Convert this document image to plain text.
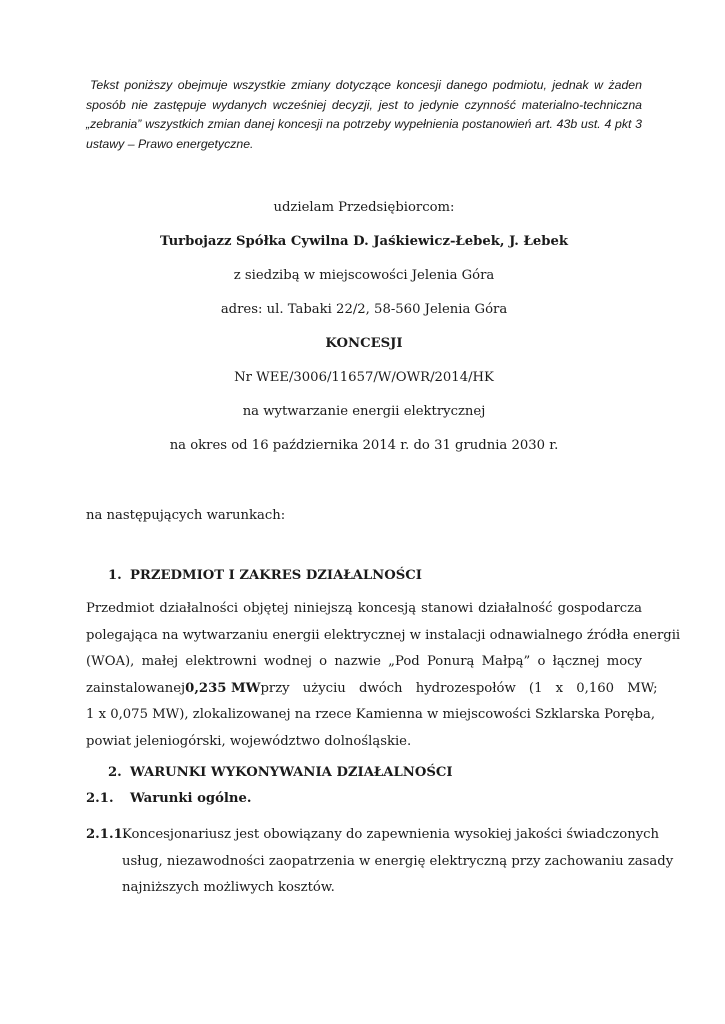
Tekst poniższy obejmuje wszystkie zmiany dotyczące koncesji danego podmiotu, jednak w żaden sposób nie zastępuje wydanych wcześniej decyzji, jest to jedynie czynność materialno-techniczna „zebrania” wszystkich zmian danej koncesji na potrzeby wypełnienia postanowień art. 43b ust. 4 pkt 3 ustawy – Prawo energetyczne.

udzielam Przedsiębiorcom:

Turbojazz Spółka Cywilna D. Jaśkiewicz-Łebek, J. Łebek

z siedzibą w miejscowości Jelenia Góra

adres: ul. Tabaki 22/2, 58-560 Jelenia Góra

KONCESJI

Nr WEE/3006/11657/W/OWR/2014/HK

na wytwarzanie energii elektrycznej

na okres od 16 października 2014 r. do 31 grudnia 2030 r.

na następujących warunkach:

1. PRZEDMIOT I ZAKRES DZIAŁALNOŚCI

Przedmiot działalności objętej niniejszą koncesją stanowi działalność gospodarcza
polegająca na wytwarzaniu energii elektrycznej w instalacji odnawialnego źródła energii
(WOA), małej elektrowni wodnej o nazwie „Pod Ponurą Małpą” o łącznej mocy
zainstalowanej 0,235 MW przy użyciu dwóch hydrozespołów (1 x 0,160 MW;
1 x 0,075 MW), zlokalizowanej na rzece Kamienna w miejscowości Szklarska Poręba,
powiat jeleniogórski, województwo dolnośląskie.

2. WARUNKI WYKONYWANIA DZIAŁALNOŚCI

2.1. Warunki ogólne.

2.1.1.
Koncesjonariusz jest obowiązany do zapewnienia wysokiej jakości świadczonych
usług, niezawodności zaopatrzenia w energię elektryczną przy zachowaniu zasady
najniższych możliwych kosztów.
